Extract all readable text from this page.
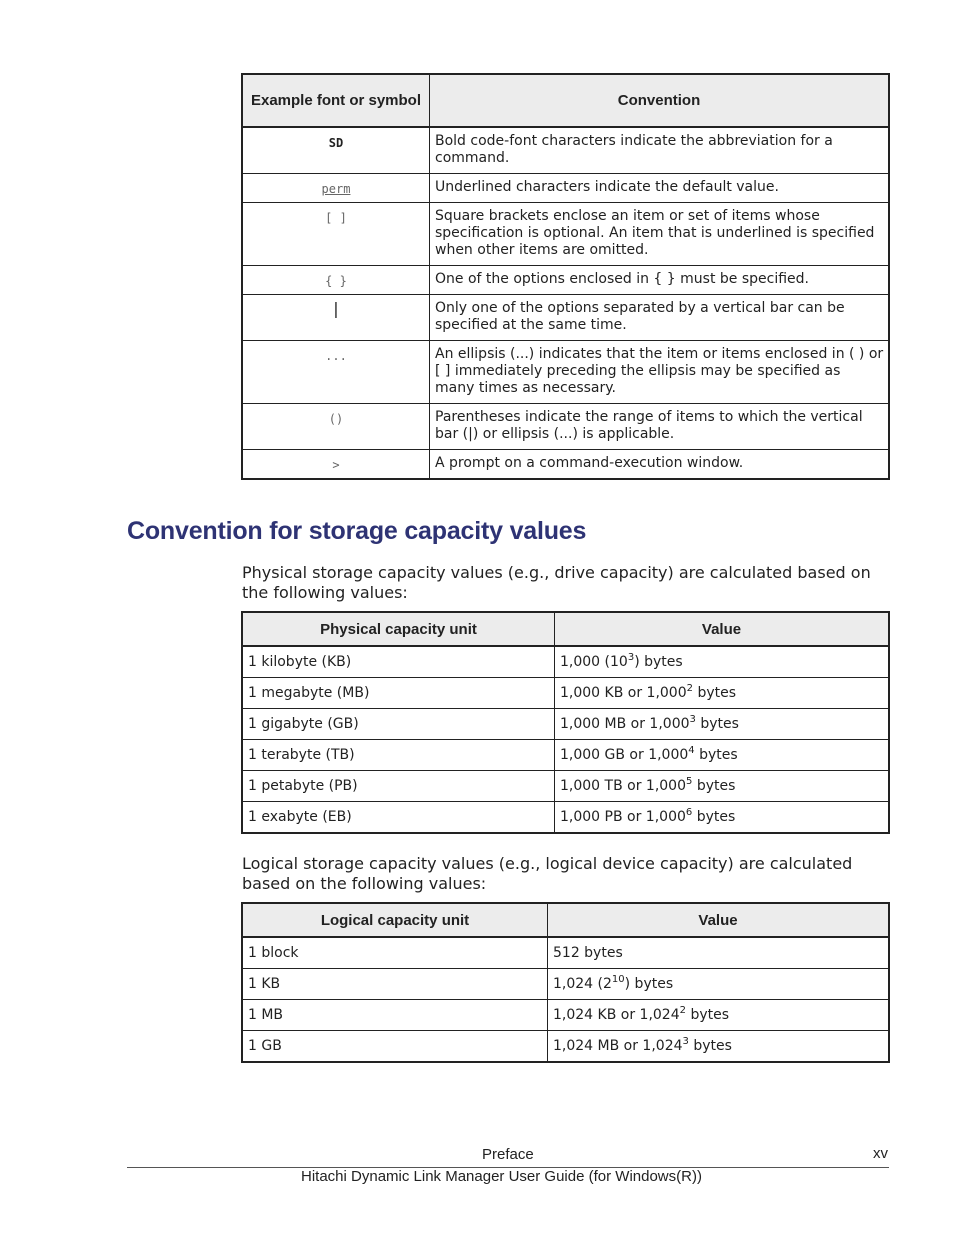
Example font or symbol	Convention
SD	Bold code-font characters indicate the abbreviation for a command.
perm	Underlined characters indicate the default value.
[ ]	Square brackets enclose an item or set of items whose specification is optional. An item that is underlined is specified when other items are omitted.
{ }	One of the options enclosed in { } must be specified.
|	Only one of the options separated by a vertical bar can be specified at the same time.
...	An ellipsis (...) indicates that the item or items enclosed in ( ) or [ ] immediately preceding the ellipsis may be specified as many times as necessary.
()	Parentheses indicate the range of items to which the vertical bar (|) or ellipsis (...) is applicable.
>	A prompt on a command-execution window.
Convention for storage capacity values

Physical storage capacity values (e.g., drive capacity) are calculated based on the following values:

Physical capacity unit	Value
1 kilobyte (KB)	1,000 $(10^3)$ bytes
1 megabyte (MB)	1,000 KB or 1,000$^2$ bytes
1 gigabyte (GB)	1,000 MB or 1,000$^3$ bytes
1 terabyte (TB)	1,000 GB or 1,000$^4$ bytes
1 petabyte (PB)	1,000 TB or 1,000$^5$ bytes
1 exabyte (EB)	1,000 PB or 1,000$^6$ bytes

Logical storage capacity values (e.g., logical device capacity) are calculated based on the following values:

Logical capacity unit	Value
1 block	512 bytes
1 KB	1,024 $(2^{10})$ bytes
1 MB	1,024 KB or 1,024$^2$ bytes
1 GB	1,024 MB or 1,024$^3$ bytes
Preface	xv
Hitachi Dynamic Link Manager User Guide (for Windows(R))
